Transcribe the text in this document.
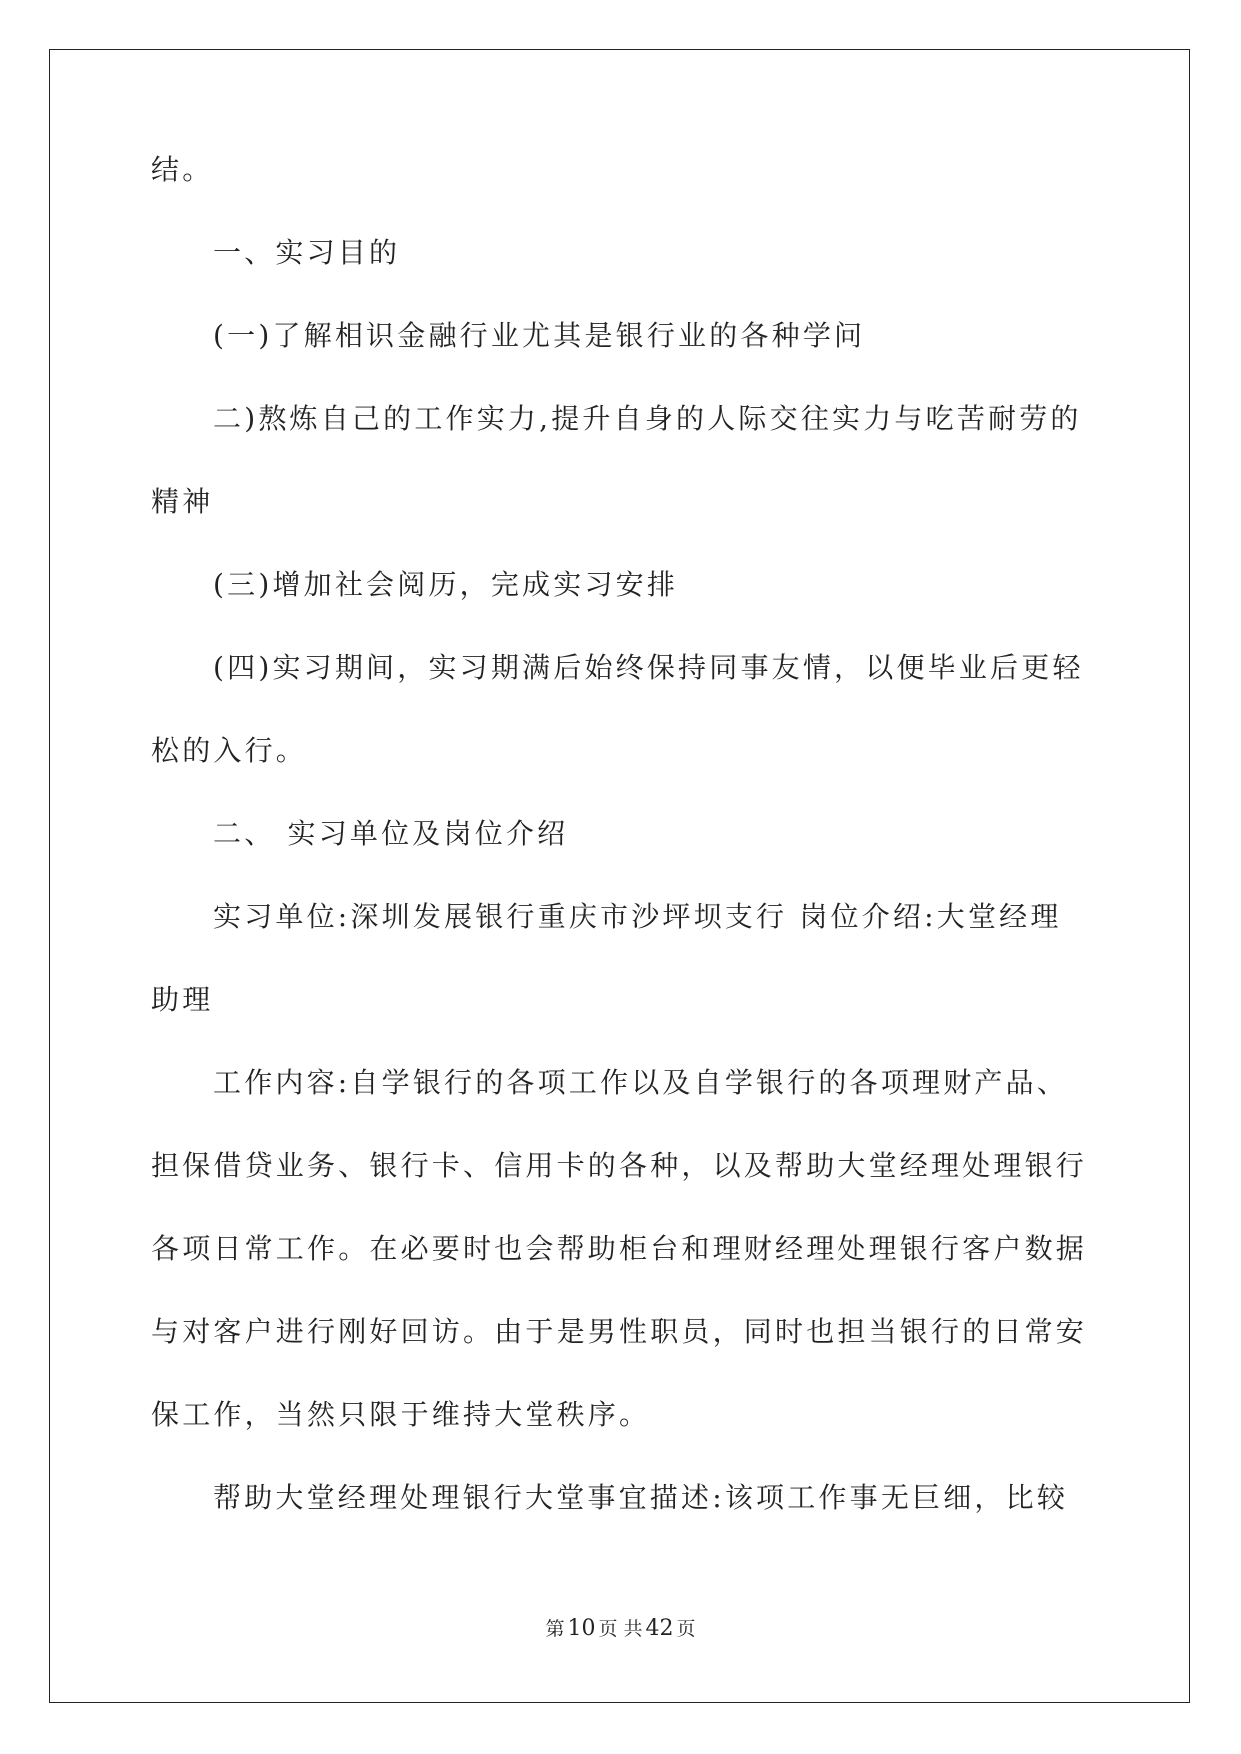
结。

一、实习目的

(一)了解相识金融行业尤其是银行业的各种学问

二)熬炼自己的工作实力,提升自身的人际交往实力与吃苦耐劳的

精神

(三)增加社会阅历，完成实习安排

(四)实习期间，实习期满后始终保持同事友情，以便毕业后更轻

松的入行。

二、 实习单位及岗位介绍

实习单位:深圳发展银行重庆市沙坪坝支行 岗位介绍:大堂经理

助理

工作内容:自学银行的各项工作以及自学银行的各项理财产品、

担保借贷业务、银行卡、信用卡的各种，以及帮助大堂经理处理银行

各项日常工作。在必要时也会帮助柜台和理财经理处理银行客户数据

与对客户进行刚好回访。由于是男性职员，同时也担当银行的日常安

保工作，当然只限于维持大堂秩序。

帮助大堂经理处理银行大堂事宜描述:该项工作事无巨细，比较

第 10 页 共 42 页
